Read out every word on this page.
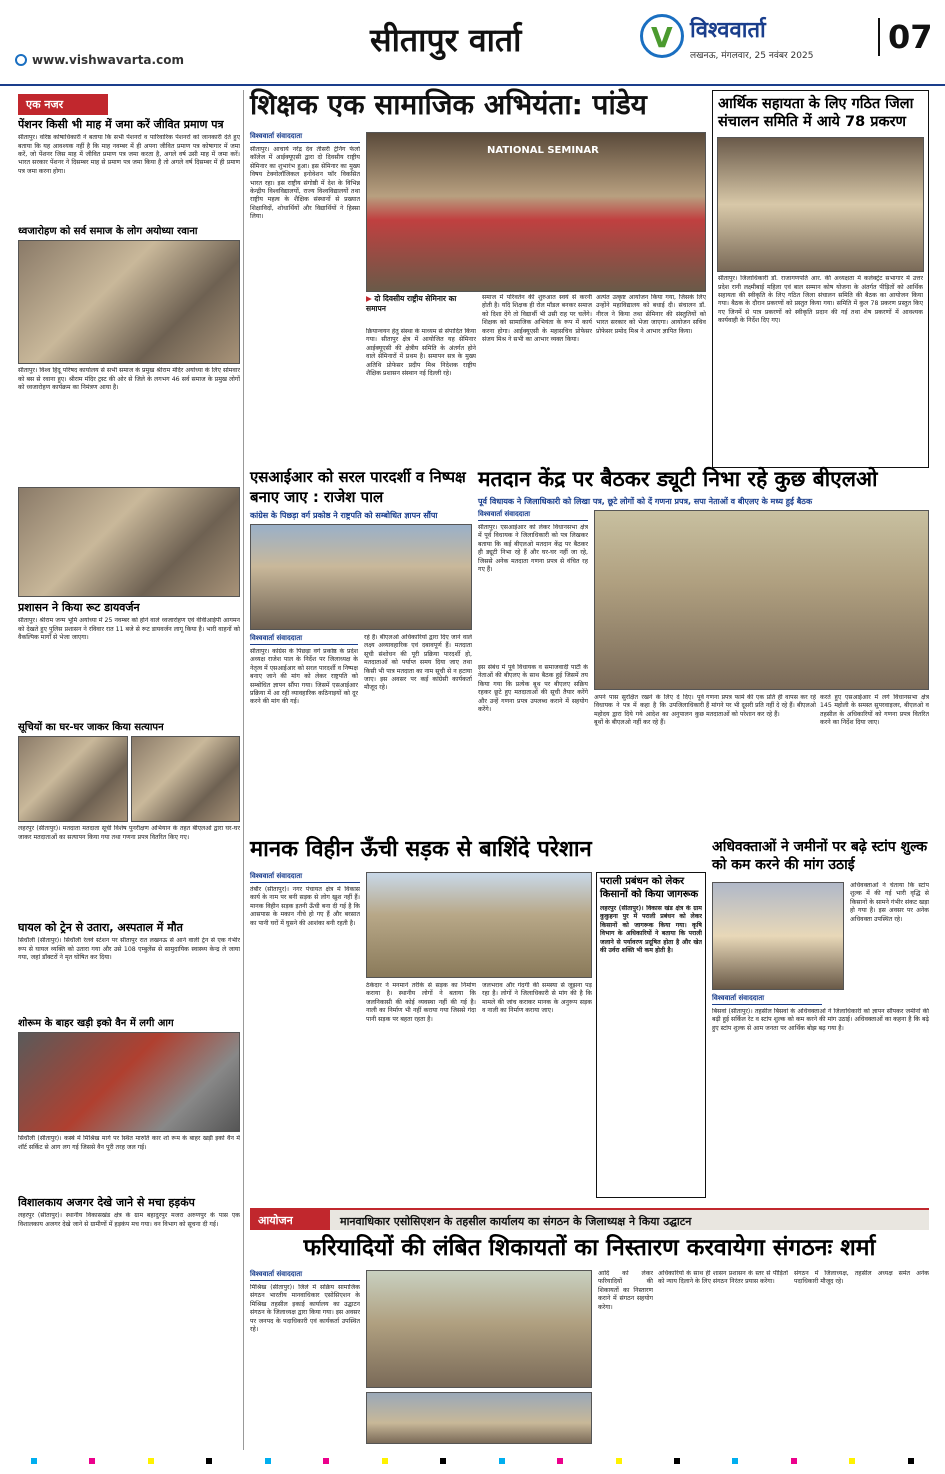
www.vishwavarta.com
सीतापुर वार्ता	V विश्ववार्ता
लखनऊ, मंगलवार, 25 नवंबर 2025	07
एक नजर
पेंशनर किसी भी माह में जमा करें जीवित प्रमाण पत्र
सीतापुर। वरिष्ठ कोषाधिकारी ने बताया कि सभी पेंशनरों व पारिवारिक पेंशनरों को जानकारी देते हुए बताया कि यह आवश्यक नहीं है कि माह नवम्बर में ही अपना जीवित प्रमाण पत्र कोषागार में जमा करें, जो पेंशनर जिस माह में जीवित प्रमाण पत्र जमा करता है, अगले वर्ष उसी माह में जमा करें। भारत सरकार पेंशनर ने दिसम्बर माह से प्रमाण पत्र जमा किया है तो अगले वर्ष दिसम्बर में ही प्रमाण पत्र जमा करना होगा।
ध्वजारोहण को सर्व समाज के लोग अयोध्या रवाना
सीतापुर। विश्व हिंदू परिषद कार्यालय से सभी समाज के प्रमुख श्रीराम मंदिर अयोध्या के लिए सोमवार को बस से रवाना हुए। श्रीराम मंदिर ट्रस्ट की ओर से जिले के लगभग 46 सर्व समाज के प्रमुख लोगों को ध्वजारोहण कार्यक्रम का निमंत्रण आया है।
प्रशासन ने किया रूट डायवर्जन
सीतापुर। श्रीराम जन्म भूमि अयोध्या में 25 नवम्बर को होने वाले ध्वजारोहण एवं वीवीआईपी आगमन को देखते हुए पुलिस प्रशासन ने रविवार रात 11 बजे से रूट डायवर्जन लागू किया है। भारी वाहनों को वैकल्पिक मार्गों से भेजा जाएगा।
सूचियों का घर-घर जाकर किया सत्यापन
लहरपुर (सीतापुर)। मतदाता मतदाता सूची विशेष पुनरीक्षण अभियान के तहत बीएलओ द्वारा घर-घर जाकर मतदाताओं का सत्यापन किया गया तथा गणना प्रपत्र वितरित किए गए।
घायल को ट्रेन से उतारा, अस्पताल में मौत
सिधौली (सीतापुर)। सिधौली रेलवे स्टेशन पर सीतापुर रात लखनऊ से आने वाली ट्रेन से एक गंभीर रूप से घायल व्यक्ति को उतारा गया और उसे 108 एम्बुलेंस से सामुदायिक स्वास्थ्य केन्द्र ले जाया गया, जहां डॉक्टरों ने मृत घोषित कर दिया।
शोरूम के बाहर खड़ी इको वैन में लगी आग
सिधौली (सीतापुर)। कस्बे में मिश्रिख मार्ग पर स्थित मारुति कार शो रूम के बाहर खड़ी इको वैन में शॉर्ट सर्किट से आग लग गई जिससे वैन पूरी तरह जल गई।
विशालकाय अजगर देखे जाने से मचा हड़कंप
लहरपुर (सीतापुर)। स्थानीय विकासखंड क्षेत्र के ग्राम बहादुरपुर मजरा अरुणपुर के पास एक विशालकाय अजगर देखे जाने से ग्रामीणों में हड़कंप मच गया। वन विभाग को सूचना दी गई।
शिक्षक एक सामाजिक अभियंता: पांडेय
विश्ववार्ता संवाददाता
सीतापुर। आचार्य नरेंद्र देव तीसरी ट्रेनिंग फेलो कॉलेज में आईक्यूएसी द्वारा दो दिवसीय राष्ट्रीय सेमिनार का शुभारंभ हुआ। इस सेमिनार का मुख्य विषय टेक्नोलॉजिकल इनोवेशन फॉर विकसित भारत रहा। इस राष्ट्रीय संगोष्ठी में देश के विभिन्न केन्द्रीय विश्वविद्यालयों, राज्य विश्वविद्यालयों तथा राष्ट्रीय महत्व के शैक्षिक संस्थानों से प्रख्यात शिक्षाविदों, शोधार्थियों और विद्यार्थियों ने हिस्सा लिया।
NATIONAL SEMINAR
▶ दो दिवसीय राष्ट्रीय सेमिनार का समापन
क्रियान्वयन हेतु संस्था के माध्यम से संपादित किया गया। सीतापुर क्षेत्र में आयोजित यह सेमिनार आईक्यूएसी की क्षेत्रीय समिति के अंतर्गत होने वाले सेमिनारों में प्रथम है। समापन सत्र के मुख्य अतिथि प्रोफेसर प्रदीप मिश्र निदेशक राष्ट्रीय शैक्षिक प्रशासन संस्थान नई दिल्ली रहे।
समाज में परिवर्तन की शुरुआत स्वयं से करनी होती है। यदि शिक्षक ही रोल मॉडल बनकर समाज को दिशा देंगे तो विद्यार्थी भी उसी राह पर चलेंगे। शिक्षक को सामाजिक अभियंता के रूप में कार्य करना होगा। आईक्यूएसी के महासचिव प्रोफेसर संजय मिश्र ने सभी का आभार व्यक्त किया।
अत्यंत उत्कृष्ट आयोजन किया गया, जिसके लिए उन्होंने महाविद्यालय को बधाई दी। संचालन डॉ. नीरज ने किया तथा सेमिनार की संस्तुतियों को भारत सरकार को भेजा जाएगा। आयोजन सचिव प्रोफेसर प्रमोद मिश्र ने आभार ज्ञापित किया।
आर्थिक सहायता के लिए गठित जिला संचालन समिति में आये 78 प्रकरण
सीतापुर। जिलाधिकारी डॉ. राजागणपति आर. की अध्यक्षता में कलेक्ट्रेट सभागार में उत्तर प्रदेश रानी लक्ष्मीबाई महिला एवं बाल सम्मान कोष योजना के अंतर्गत पीड़ितों को आर्थिक सहायता की स्वीकृति के लिए गठित जिला संचालन समिति की बैठक का आयोजन किया गया। बैठक के दौरान प्रकरणों को प्रस्तुत किया गया। समिति में कुल 78 प्रकरण प्रस्तुत किए गए जिनमें से पात्र प्रकरणों को स्वीकृति प्रदान की गई तथा शेष प्रकरणों में आवश्यक कार्यवाही के निर्देश दिए गए।
एसआईआर को सरल पारदर्शी व निष्पक्ष बनाए जाए : राजेश पाल
कांग्रेस के पिछड़ा वर्ग प्रकोष्ठ ने राष्ट्रपति को सम्बोधित ज्ञापन सौंपा
विश्ववार्ता संवाददाता
सीतापुर। कांग्रेस के पिछड़ा वर्ग प्रकोष्ठ के प्रदेश अध्यक्ष राजेश पाल के निर्देश पर जिलाध्यक्ष के नेतृत्व में एसआईआर को सरल पारदर्शी व निष्पक्ष बनाए जाने की मांग को लेकर राष्ट्रपति को सम्बोधित ज्ञापन सौंपा गया। जिसमें एसआईआर प्रक्रिया में आ रही व्यावहारिक कठिनाइयों को दूर करने की मांग की गई।
रहे हैं। बीएलओ अधिकारियों द्वारा दिए जाने वाले लक्ष्य अव्यावहारिक एवं दबावपूर्ण हैं। मतदाता सूची संशोधन की पूरी प्रक्रिया पारदर्शी हो, मतदाताओं को पर्याप्त समय दिया जाए तथा किसी भी पात्र मतदाता का नाम सूची से न हटाया जाए। इस अवसर पर कई कांग्रेसी कार्यकर्ता मौजूद रहे।
मतदान केंद्र पर बैठकर ड्यूटी निभा रहे कुछ बीएलओ
पूर्व विधायक ने जिलाधिकारी को लिखा पत्र, छूटे लोगों को दें गणना प्रपत्र, सपा नेताओं व बीएलए के मध्य हुई बैठक
विश्ववार्ता संवाददाता
सीतापुर। एसआईआर को लेकर विधानसभा क्षेत्र में पूर्व विधायक ने जिलाधिकारी को पत्र लिखकर बताया कि कई बीएलओ मतदान केंद्र पर बैठकर ही ड्यूटी निभा रहे हैं और घर-घर नहीं जा रहे, जिससे अनेक मतदाता गणना प्रपत्र से वंचित रह गए हैं।
इस संबंध में पूर्व विधायक व समाजवादी पार्टी के नेताओं की बीएलए के साथ बैठक हुई जिसमें तय किया गया कि प्रत्येक बूथ पर बीएलए सक्रिय रहकर छूटे हुए मतदाताओं की सूची तैयार करेंगे और उन्हें गणना प्रपत्र उपलब्ध कराने में सहयोग करेंगे।
अपने पास सुरक्षित रखने के लिए दे दिए। पूर्व विधायक ने पत्र में कहा है कि उपजिलाधिकारी महोदय द्वारा दिये गये आदेश का अनुपालन कुछ बूथों के बीएलओ नहीं कर रहे हैं।
गणना प्रपत्र फार्म की एक प्रति ही वापस कर रहे हैं मांगने पर भी दूसरी प्रति नहीं दे रहे हैं। बीएलओ मतदाताओं को परेशान कर रहे हैं।
करते हुए एसआईआर में लगे विधानसभा क्षेत्र 145 महोली के समस्त सुपरवाइजर, बीएलओ व तहसील के अधिकारियों को गणना प्रपत्र वितरित करने का निर्देश दिया जाए।
मानक विहीन ऊँची सड़क से बाशिंदे परेशान
विश्ववार्ता संवाददाता
तंबौर (सीतापुर)। नगर पंचायत क्षेत्र में विकास कार्य के नाम पर बनी सड़क से लोग खुश नहीं हैं। मानक विहीन सड़क इतनी ऊँची बना दी गई है कि आसपास के मकान नीचे हो गए हैं और बरसात का पानी घरों में घुसने की आशंका बनी रहती है।
ठेकेदार ने मनमाने तरीके से सड़क का निर्माण कराया है। स्थानीय लोगों ने बताया कि जलनिकासी की कोई व्यवस्था नहीं की गई है। नाली का निर्माण भी नहीं कराया गया जिससे गंदा पानी सड़क पर बहता रहता है।
जलभराव और गंदगी की समस्या से जूझना पड़ रहा है। लोगों ने जिलाधिकारी से मांग की है कि मामले की जांच कराकर मानक के अनुरूप सड़क व नाली का निर्माण कराया जाए।
पराली प्रबंधन को लेकर किसानों को किया जागरूक
लहरपुर (सीतापुर)। विकास खंड क्षेत्र के ग्राम कुकुहना पुर में पराली प्रबंधन को लेकर किसानों को जागरूक किया गया। कृषि विभाग के अधिकारियों ने बताया कि पराली जलाने से पर्यावरण प्रदूषित होता है और खेत की उर्वरा शक्ति भी कम होती है।
अधिवक्ताओं ने जमीनों पर बढ़े स्टांप शुल्क को कम करने की मांग उठाई
अधिवक्ताओं ने चेताया कि स्टांप शुल्क में की गई भारी वृद्धि से किसानों के सामने गंभीर संकट खड़ा हो गया है। इस अवसर पर अनेक अधिवक्ता उपस्थित रहे।
विश्ववार्ता संवाददाता
बिसवां (सीतापुर)। तहसील बिसवां के अधिवक्ताओं ने जिलाधिकारी को ज्ञापन सौंपकर जमीनों की बढ़ी हुई सर्किल रेट व स्टांप शुल्क को कम करने की मांग उठाई। अधिवक्ताओं का कहना है कि बढ़े हुए स्टांप शुल्क से आम जनता पर आर्थिक बोझ बढ़ गया है।
आयोजन	मानवाधिकार एसोसिएशन के तहसील कार्यालय का संगठन के जिलाध्यक्ष ने किया उद्घाटन
फरियादियों की लंबित शिकायतों का निस्तारण करवायेगा संगठनः शर्मा
विश्ववार्ता संवाददाता
मिश्रिख (सीतापुर)। जिले में सक्रिय सामाजिक संगठन भारतीय मानवाधिकार एसोसिएशन के मिश्रिख तहसील इकाई कार्यालय का उद्घाटन संगठन के जिलाध्यक्ष द्वारा किया गया। इस अवसर पर जनपद के पदाधिकारी एवं कार्यकर्ता उपस्थित रहे।
आदि को लेकर फरियादियों की शिकायतों का निस्तारण कराने में संगठन सहयोग करेगा।
अधिकारियों के साथ ही शासन प्रशासन के स्तर से पीड़ितों को न्याय दिलाने के लिए संगठन निरंतर प्रयास करेगा।
संगठन में जिलाध्यक्ष, तहसील अध्यक्ष समेत अनेक पदाधिकारी मौजूद रहे।
